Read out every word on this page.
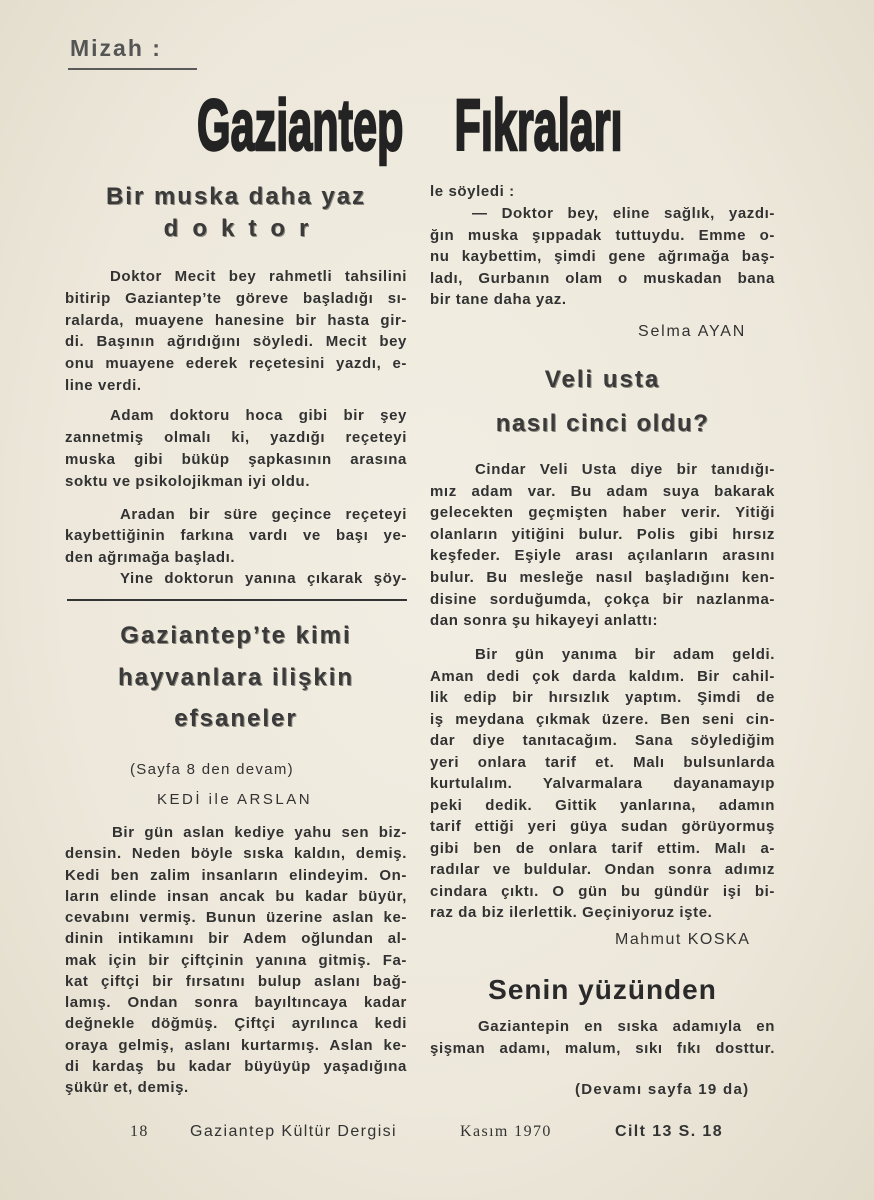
Mizah :
Gaziantep Fıkraları
Bir muska daha yaz
doktor
Doktor Mecit bey rahmetli tahsilini
bitirip Gaziantep’te göreve başladığı sı-
ralarda, muayene hanesine bir hasta gir-
di. Başının ağrıdığını söyledi. Mecit bey
onu muayene ederek reçetesini yazdı, e-
line verdi.
Adam doktoru hoca gibi bir şey
zannetmiş olmalı ki, yazdığı reçeteyi
muska gibi büküp şapkasının arasına
soktu ve psikolojikman iyi oldu.
Aradan bir süre geçince reçeteyi
kaybettiğinin farkına vardı ve başı ye-
den ağrımağa başladı.
Yine doktorun yanına çıkarak şöy-
Gaziantep’te kimi
hayvanlara ilişkin
efsaneler
(Sayfa 8 den devam)
KEDİ ile ARSLAN
Bir gün aslan kediye yahu sen biz-
densin. Neden böyle sıska kaldın, demiş.
Kedi ben zalim insanların elindeyim. On-
ların elinde insan ancak bu kadar büyür,
cevabını vermiş. Bunun üzerine aslan ke-
dinin intikamını bir Adem oğlundan al-
mak için bir çiftçinin yanına gitmiş. Fa-
kat çiftçi bir fırsatını bulup aslanı bağ-
lamış. Ondan sonra bayıltıncaya kadar
değnekle döğmüş. Çiftçi ayrılınca kedi
oraya gelmiş, aslanı kurtarmış. Aslan ke-
di kardaş bu kadar büyüyüp yaşadığına
şükür et, demiş.
le söyledi :
— Doktor bey, eline sağlık, yazdı-
ğın muska şıppadak tuttuydu. Emme o-
nu kaybettim, şimdi gene ağrımağa baş-
ladı, Gurbanın olam o muskadan bana
bir tane daha yaz.
Selma AYAN
Veli usta
nasıl cinci oldu?
Cindar Veli Usta diye bir tanıdığı-
mız adam var. Bu adam suya bakarak
gelecekten geçmişten haber verir. Yitiği
olanların yitiğini bulur. Polis gibi hırsız
keşfeder. Eşiyle arası açılanların arasını
bulur. Bu mesleğe nasıl başladığını ken-
disine sorduğumda, çokça bir nazlanma-
dan sonra şu hikayeyi anlattı:
Bir gün yanıma bir adam geldi.
Aman dedi çok darda kaldım. Bir cahil-
lik edip bir hırsızlık yaptım. Şimdi de
iş meydana çıkmak üzere. Ben seni cin-
dar diye tanıtacağım. Sana söylediğim
yeri onlara tarif et. Malı bulsunlarda
kurtulalım. Yalvarmalara dayanamayıp
peki dedik. Gittik yanlarına, adamın
tarif ettiği yeri güya sudan görüyormuş
gibi ben de onlara tarif ettim. Malı a-
radılar ve buldular. Ondan sonra adımız
cindara çıktı. O gün bu gündür işi bi-
raz da biz ilerlettik. Geçiniyoruz işte.
Mahmut KOSKA
Senin yüzünden
Gaziantepin en sıska adamıyla en
şişman adamı, malum, sıkı fıkı dosttur.
(Devamı sayfa 19 da)
18	Gaziantep Kültür Dergisi	Kasım 1970	Cilt 13 S. 18
